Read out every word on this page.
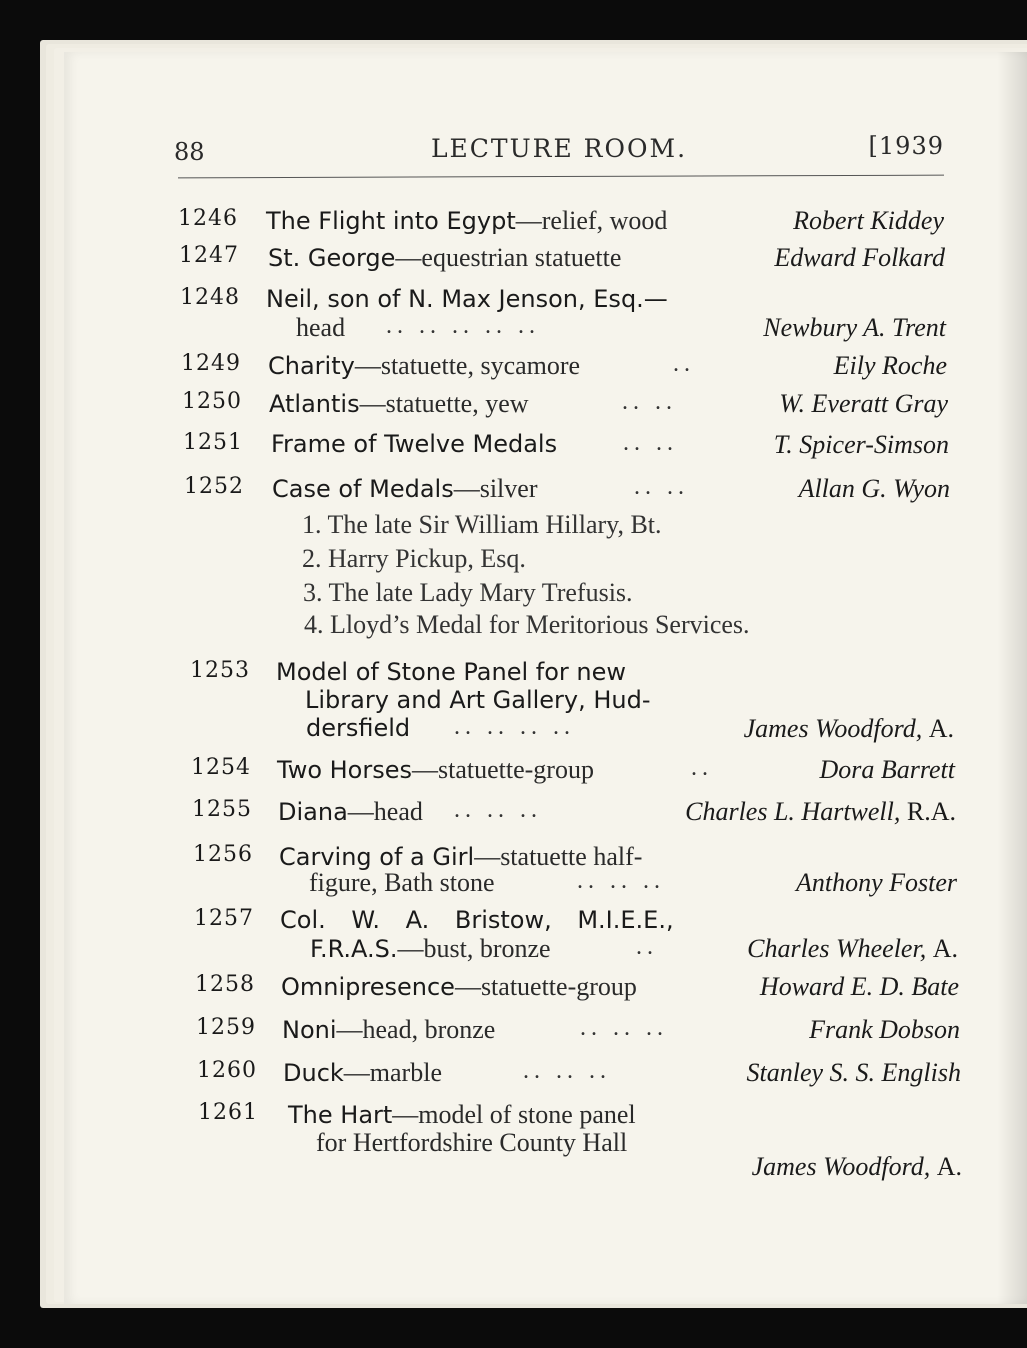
88	LECTURE ROOM.	[1939
1246 The Flight into Egypt—relief, wood	Robert Kiddey
1247 St. George—equestrian statuette	Edward Folkard
1248 Neil, son of N. Max Jenson, Esq.—
head .. .. .. .. ..	Newbury A. Trent
1249 Charity—statuette, sycamore	..	Eily Roche
1250 Atlantis—statuette, yew	.. ..	W. Everatt Gray
1251 Frame of Twelve Medals	.. ..	T. Spicer-Simson
1252 Case of Medals—silver	.. ..	Allan G. Wyon
1. The late Sir William Hillary, Bt.
2. Harry Pickup, Esq.
3. The late Lady Mary Trefusis.
4. Lloyd’s Medal for Meritorious Services.
1253 Model of Stone Panel for new
Library and Art Gallery, Hud-
dersfield .. .. .. ..	James Woodford, A.
1254 Two Horses—statuette-group	..	Dora Barrett
1255 Diana—head .. .. ..	Charles L. Hartwell, R.A.
1256 Carving of a Girl—statuette half-
figure, Bath stone	.. .. ..	Anthony Foster
1257 Col. W. A. Bristow, M.I.E.E.,
F.R.A.S.—bust, bronze	..	Charles Wheeler, A.
1258 Omnipresence—statuette-group	Howard E. D. Bate
1259 Noni—head, bronze	.. .. ..	Frank Dobson
1260 Duck—marble	.. .. ..	Stanley S. S. English
1261 The Hart—model of stone panel
for Hertfordshire County Hall
James Woodford, A.
